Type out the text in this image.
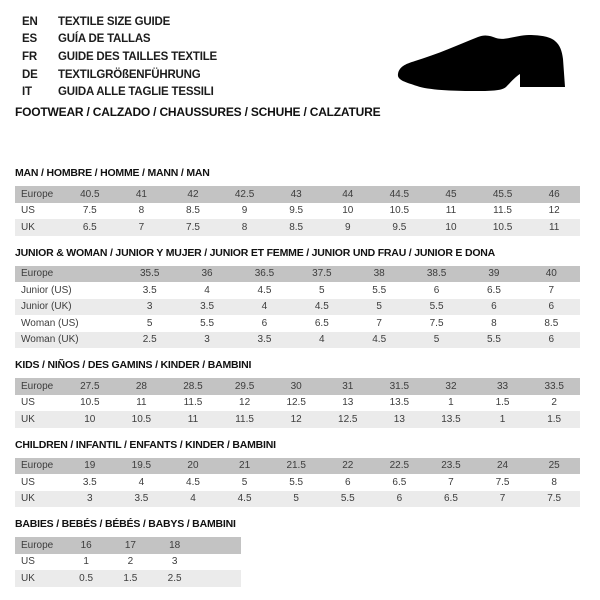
EN	TEXTILE SIZE GUIDE
ES	GUÍA DE TALLAS
FR	GUIDE DES TAILLES TEXTILE
DE	TEXTILGRÖßENFÜHRUNG
IT	GUIDA ALLE TAGLIE TESSILI
FOOTWEAR / CALZADO / CHAUSSURES / SCHUHE / CALZATURE
MAN / HOMBRE / HOMME / MANN / MAN
Europe	40.5	41	42	42.5	43	44	44.5	45	45.5	46
US	7.5	8	8.5	9	9.5	10	10.5	11	11.5	12
UK	6.5	7	7.5	8	8.5	9	9.5	10	10.5	11
JUNIOR & WOMAN / JUNIOR Y MUJER / JUNIOR ET FEMME / JUNIOR UND FRAU / JUNIOR E DONA
Europe	35.5	36	36.5	37.5	38	38.5	39	40
Junior (US)	3.5	4	4.5	5	5.5	6	6.5	7
Junior (UK)	3	3.5	4	4.5	5	5.5	6	6
Woman (US)	5	5.5	6	6.5	7	7.5	8	8.5
Woman (UK)	2.5	3	3.5	4	4.5	5	5.5	6
KIDS / NIÑOS / DES GAMINS / KINDER / BAMBINI
Europe	27.5	28	28.5	29.5	30	31	31.5	32	33	33.5
US	10.5	11	11.5	12	12.5	13	13.5	1	1.5	2
UK	10	10.5	11	11.5	12	12.5	13	13.5	1	1.5
CHILDREN / INFANTIL / ENFANTS / KINDER / BAMBINI
Europe	19	19.5	20	21	21.5	22	22.5	23.5	24	25
US	3.5	4	4.5	5	5.5	6	6.5	7	7.5	8
UK	3	3.5	4	4.5	5	5.5	6	6.5	7	7.5
BABIES / BEBÉS / BÉBÉS / BABYS / BAMBINI
Europe	16	17	18	
US	1	2	3	
UK	0.5	1.5	2.5	
